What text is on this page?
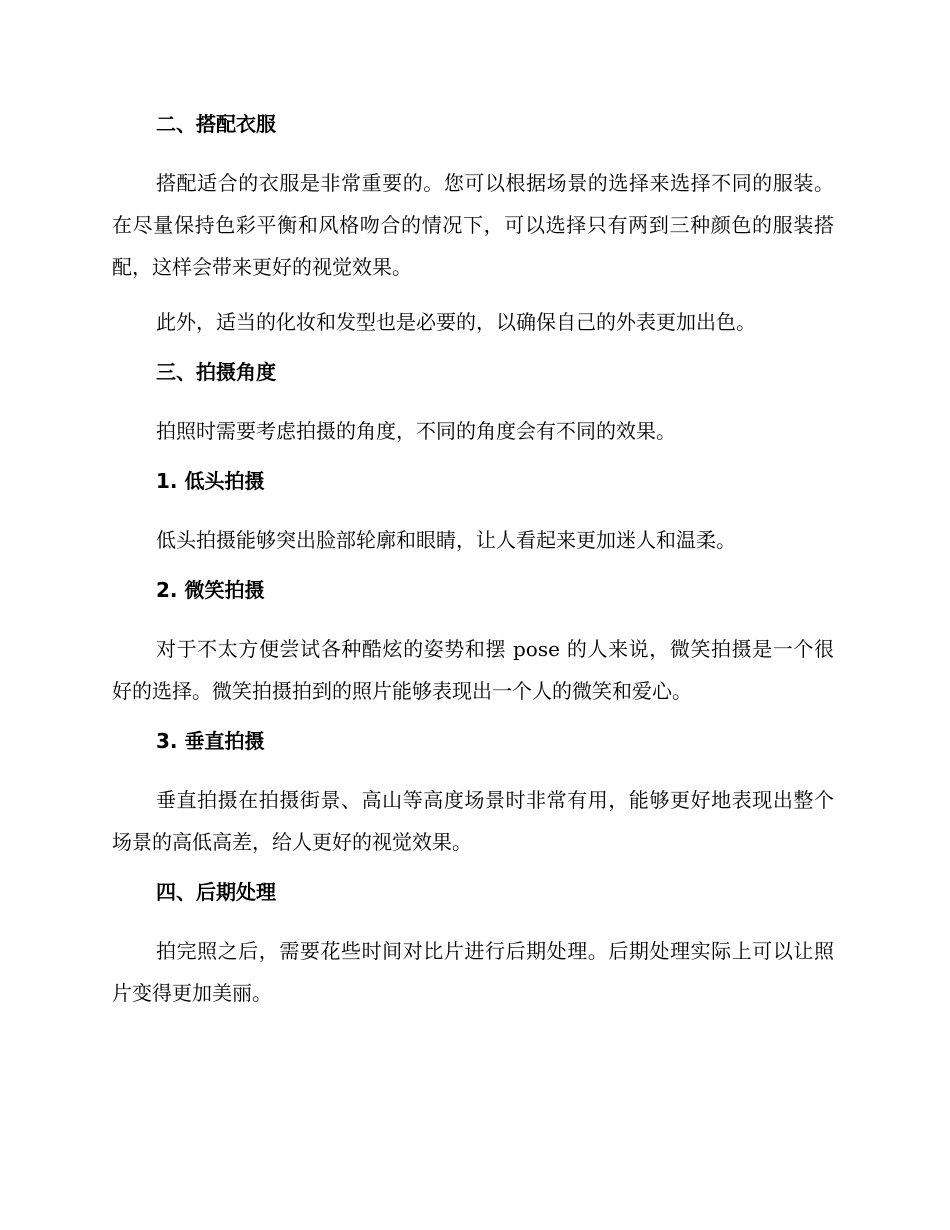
二、搭配衣服

搭配适合的衣服是非常重要的。您可以根据场景的选择来选择不同的服装。在尽量保持色彩平衡和风格吻合的情况下，可以选择只有两到三种颜色的服装搭配，这样会带来更好的视觉效果。

此外，适当的化妆和发型也是必要的，以确保自己的外表更加出色。

三、拍摄角度

拍照时需要考虑拍摄的角度，不同的角度会有不同的效果。

1. 低头拍摄

低头拍摄能够突出脸部轮廓和眼睛，让人看起来更加迷人和温柔。

2. 微笑拍摄

对于不太方便尝试各种酷炫的姿势和摆 pose 的人来说，微笑拍摄是一个很好的选择。微笑拍摄拍到的照片能够表现出一个人的微笑和爱心。

3. 垂直拍摄

垂直拍摄在拍摄街景、高山等高度场景时非常有用，能够更好地表现出整个场景的高低高差，给人更好的视觉效果。

四、后期处理

拍完照之后，需要花些时间对比片进行后期处理。后期处理实际上可以让照片变得更加美丽。
